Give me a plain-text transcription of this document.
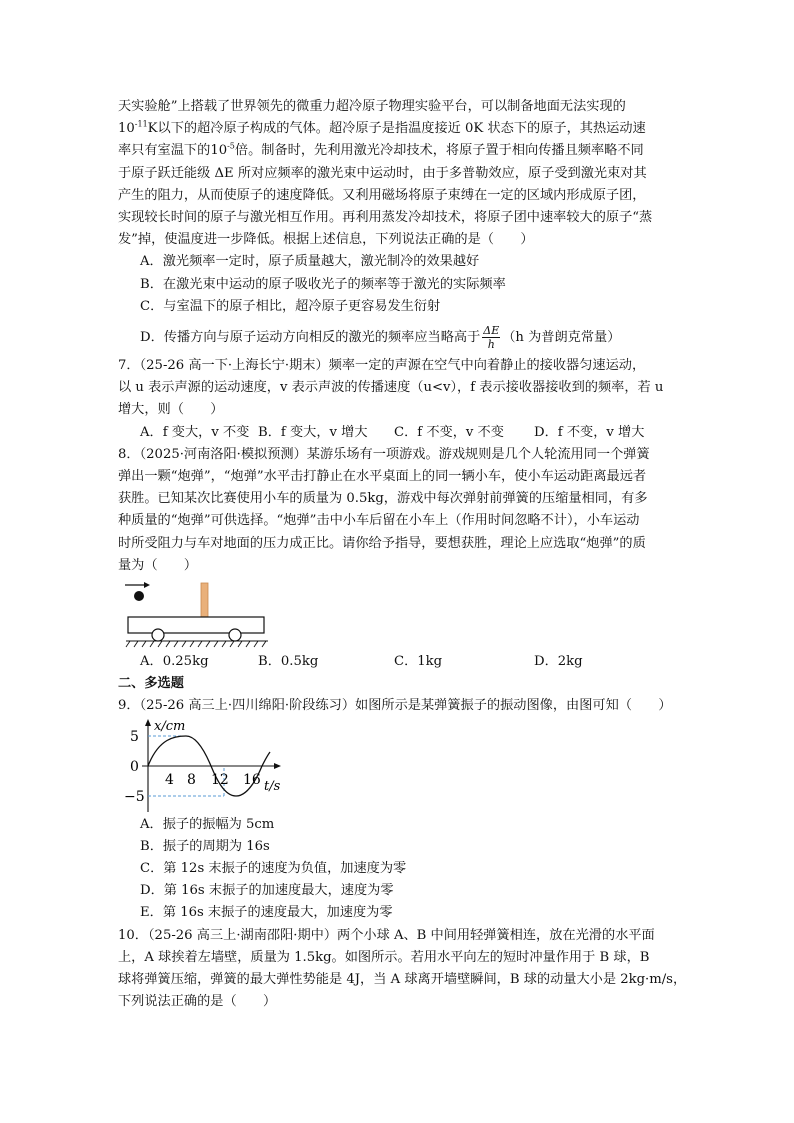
天实验舱”上搭载了世界领先的微重力超冷原子物理实验平台，可以制备地面无法实现的

$10^{-11}K$以下的超冷原子构成的气体。超冷原子是指温度接近 0K 状态下的原子，其热运动速

率只有室温下的$10^{-5}$倍。制备时，先利用激光冷却技术，将原子置于相向传播且频率略不同

于原子跃迁能级 ΔE 所对应频率的激光束中运动时，由于多普勒效应，原子受到激光束对其

产生的阻力，从而使原子的速度降低。又利用磁场将原子束缚在一定的区域内形成原子团，

实现较长时间的原子与激光相互作用。再利用蒸发冷却技术，将原子团中速率较大的原子“蒸

发”掉，使温度进一步降低。根据上述信息，下列说法正确的是（　　）

A．激光频率一定时，原子质量越大，激光制冷的效果越好

B．在激光束中运动的原子吸收光子的频率等于激光的实际频率

C．与室温下的原子相比，超冷原子更容易发生衍射

D．传播方向与原子运动方向相反的激光的频率应当略高于 $\frac{\Delta E}{h} (h$ 为普朗克常量）

7．（25-26 高一下·上海长宁·期末）频率一定的声源在空气中向着静止的接收器匀速运动，

以 u 表示声源的运动速度，v 表示声波的传播速度（u<v），f 表示接收器接收到的频率，若 u

增大，则（　　）

A．f 变大，v 不变 B．f 变大，v 增大	C．f 不变，v 不变	D．f 不变，v 增大

8．（2025·河南洛阳·模拟预测）某游乐场有一项游戏。游戏规则是几个人轮流用同一个弹簧

弹出一颗“炮弹”，“炮弹”水平击打静止在水平桌面上的同一辆小车，使小车运动距离最远者

获胜。已知某次比赛使用小车的质量为 0.5kg，游戏中每次弹射前弹簧的压缩量相同，有多

种质量的“炮弹”可供选择。“炮弹”击中小车后留在小车上（作用时间忽略不计），小车运动

时所受阻力与车对地面的压力成正比。请你给予指导，要想获胜，理论上应选取“炮弹”的质

量为（　　）

A．0.25kg	B．0.5kg	C．1kg	D．2kg

二、多选题

9．（25-26 高三上·四川绵阳·阶段练习）如图所示是某弹簧振子的振动图像，由图可知（　　）

x/cm
t/s
5
0
−5
4 8 12 16

A．振子的振幅为 5cm

B．振子的周期为 16s

C．第 12s 末振子的速度为负值，加速度为零

D．第 16s 末振子的加速度最大，速度为零

E．第 16s 末振子的速度最大，加速度为零

10．（25-26 高三上·湖南邵阳·期中）两个小球 A、B 中间用轻弹簧相连，放在光滑的水平面

上，A 球挨着左墙壁，质量为 1.5kg。如图所示。若用水平向左的短时冲量作用于 B 球，B

球将弹簧压缩，弹簧的最大弹性势能是 4J，当 A 球离开墙壁瞬间，B 球的动量大小是 2kg·m/s，

下列说法正确的是（　　）
